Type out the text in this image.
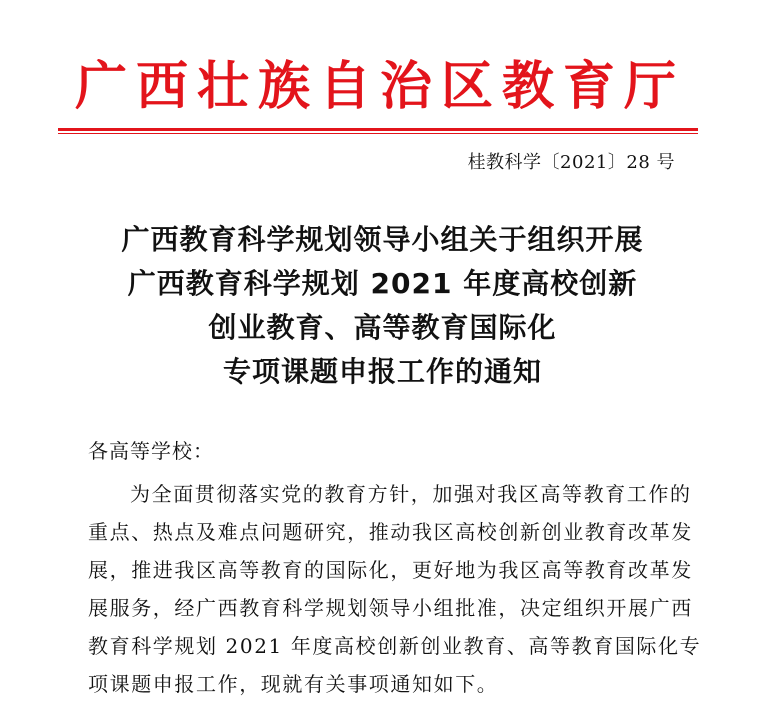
广西壮族自治区教育厅
桂教科学〔2021〕28 号
广西教育科学规划领导小组关于组织开展
广西教育科学规划 2021 年度高校创新
创业教育、高等教育国际化
专项课题申报工作的通知
各高等学校：
为全面贯彻落实党的教育方针，加强对我区高等教育工作的
重点、热点及难点问题研究，推动我区高校创新创业教育改革发
展，推进我区高等教育的国际化，更好地为我区高等教育改革发
展服务，经广西教育科学规划领导小组批准，决定组织开展广西
教育科学规划 2021 年度高校创新创业教育、高等教育国际化专
项课题申报工作，现就有关事项通知如下。
